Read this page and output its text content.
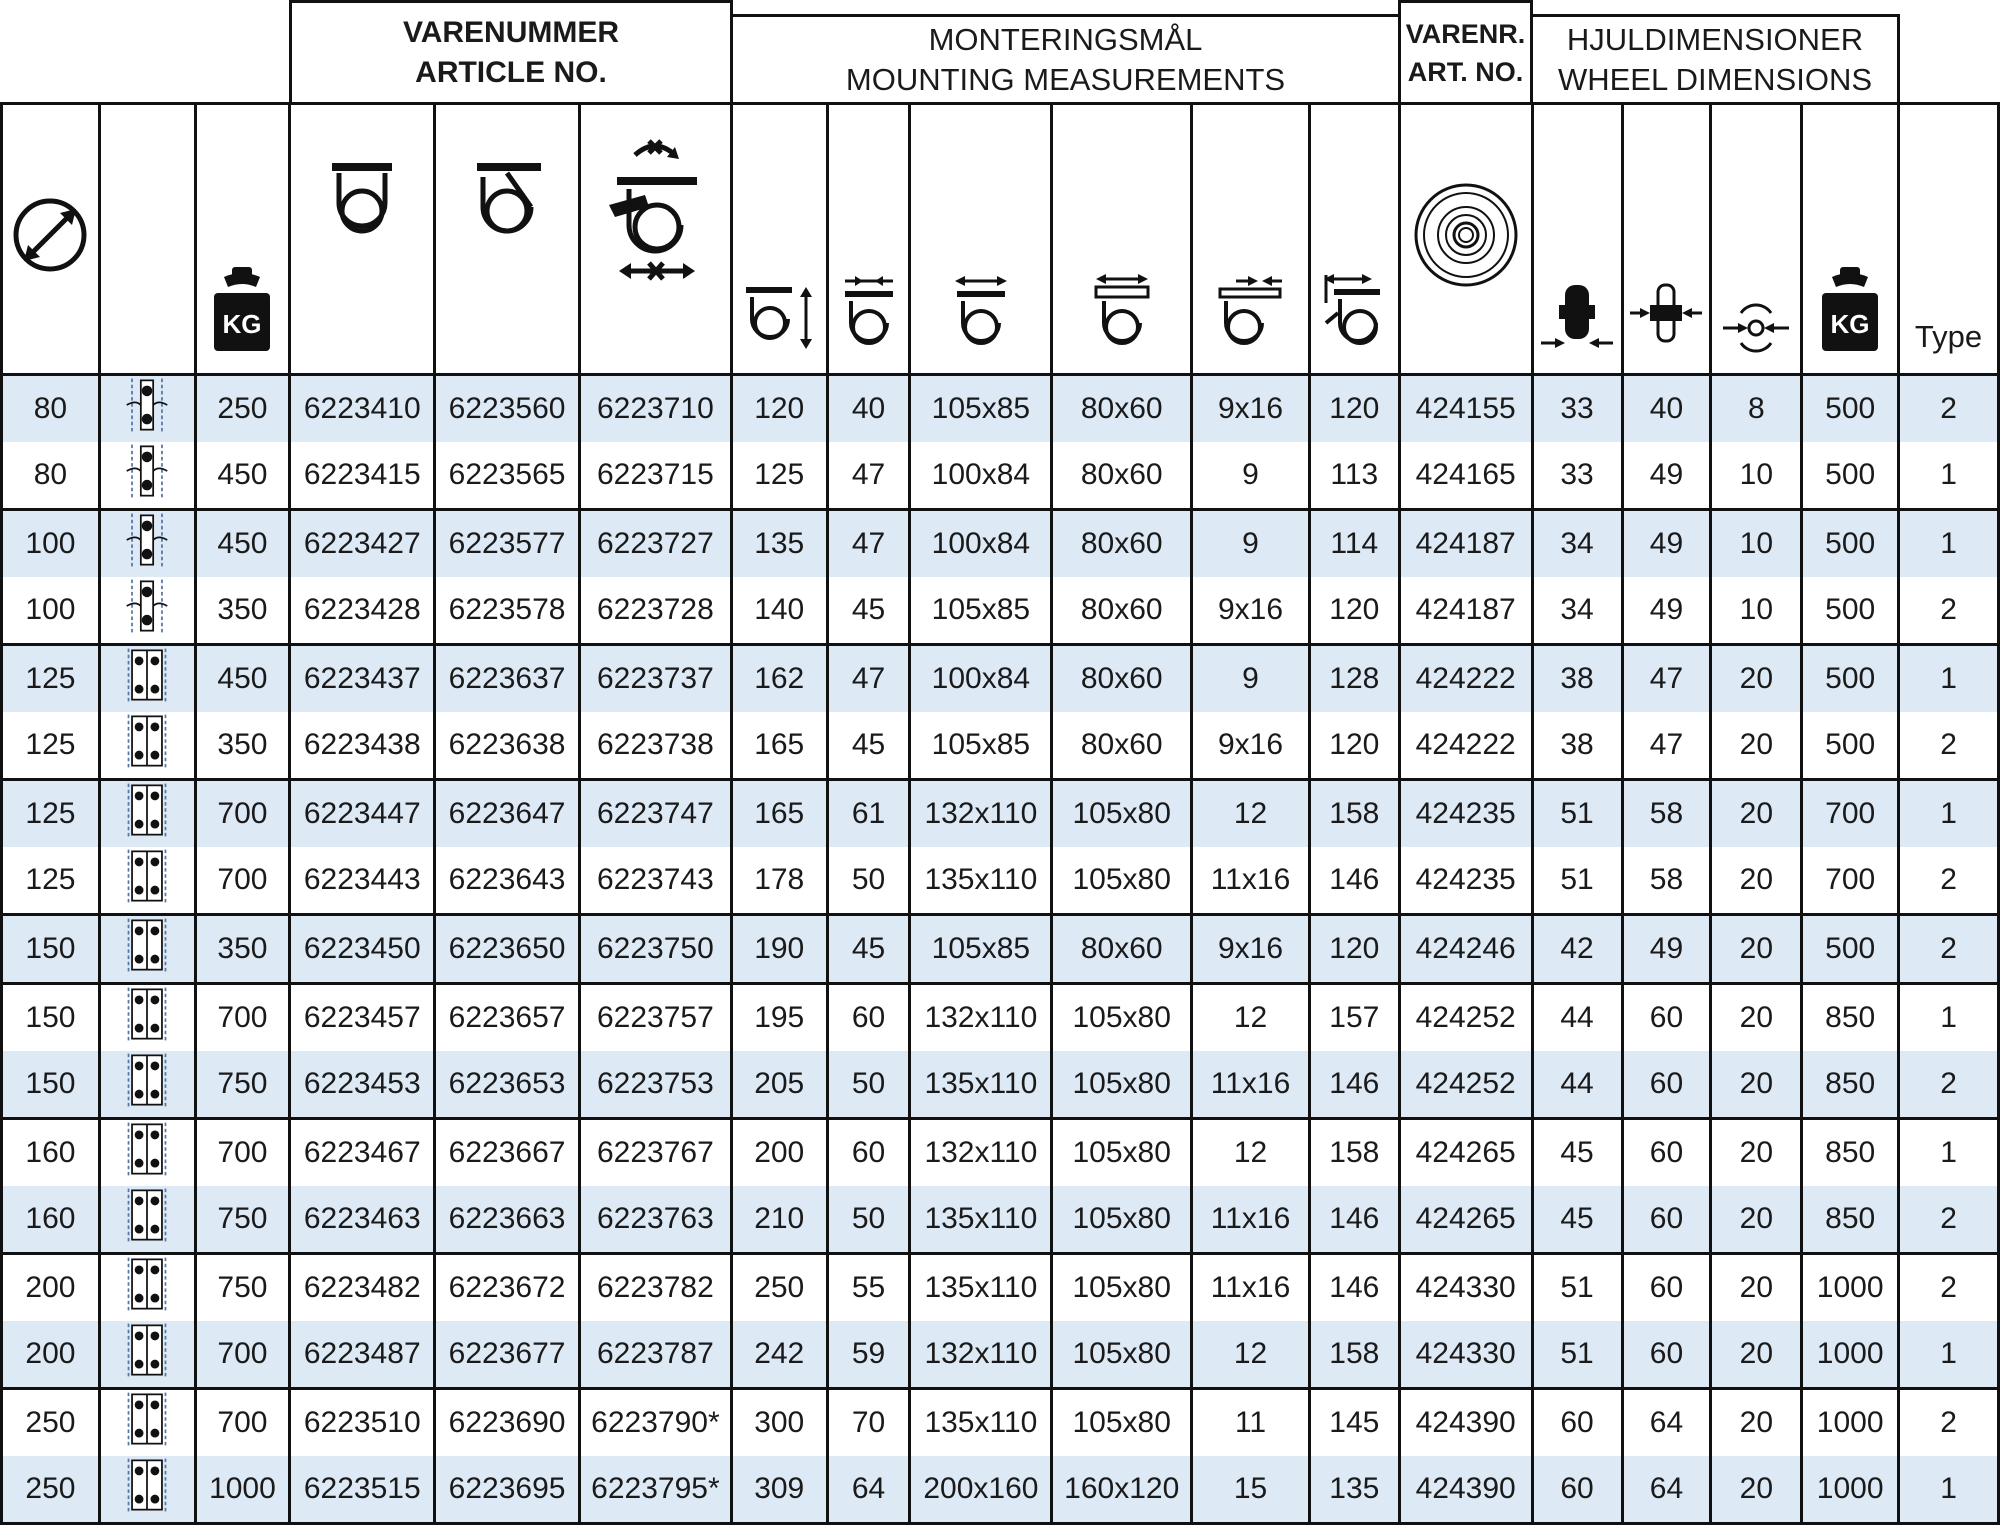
VARENUMMER
ARTICLE NO.
MONTERINGSMÅL
MOUNTING MEASUREMENTS
VARENR.
ART. NO.
HJULDIMENSIONER
WHEEL DIMENSIONS

KG														KG	Type
80		250	6223410	6223560	6223710	120	40	105x85	80x60	9x16	120	424155	33	40	8	500	2
80		450	6223415	6223565	6223715	125	47	100x84	80x60	9	113	424165	33	49	10	500	1
100		450	6223427	6223577	6223727	135	47	100x84	80x60	9	114	424187	34	49	10	500	1
100		350	6223428	6223578	6223728	140	45	105x85	80x60	9x16	120	424187	34	49	10	500	2
125		450	6223437	6223637	6223737	162	47	100x84	80x60	9	128	424222	38	47	20	500	1
125		350	6223438	6223638	6223738	165	45	105x85	80x60	9x16	120	424222	38	47	20	500	2
125		700	6223447	6223647	6223747	165	61	132x110	105x80	12	158	424235	51	58	20	700	1
125		700	6223443	6223643	6223743	178	50	135x110	105x80	11x16	146	424235	51	58	20	700	2
150		350	6223450	6223650	6223750	190	45	105x85	80x60	9x16	120	424246	42	49	20	500	2
150		700	6223457	6223657	6223757	195	60	132x110	105x80	12	157	424252	44	60	20	850	1
150		750	6223453	6223653	6223753	205	50	135x110	105x80	11x16	146	424252	44	60	20	850	2
160		700	6223467	6223667	6223767	200	60	132x110	105x80	12	158	424265	45	60	20	850	1
160		750	6223463	6223663	6223763	210	50	135x110	105x80	11x16	146	424265	45	60	20	850	2
200		750	6223482	6223672	6223782	250	55	135x110	105x80	11x16	146	424330	51	60	20	1000	2
200		700	6223487	6223677	6223787	242	59	132x110	105x80	12	158	424330	51	60	20	1000	1
250		700	6223510	6223690	6223790*	300	70	135x110	105x80	11	145	424390	60	64	20	1000	2
250		1000	6223515	6223695	6223795*	309	64	200x160	160x120	15	135	424390	60	64	20	1000	1
